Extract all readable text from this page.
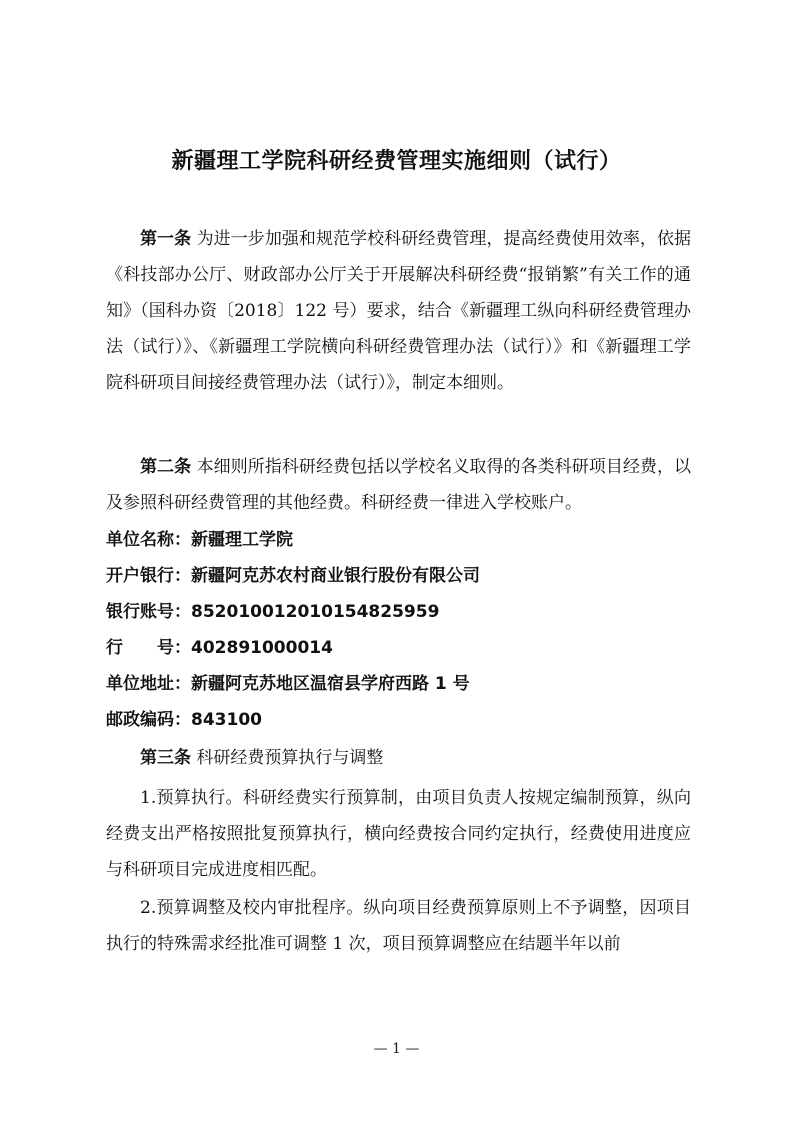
新疆理工学院科研经费管理实施细则（试行）
第一条 为进一步加强和规范学校科研经费管理，提高经费使用效率，依据《科技部办公厅、财政部办公厅关于开展解决科研经费“报销繁”有关工作的通知》（国科办资〔2018〕122 号）要求，结合《新疆理工纵向科研经费管理办法（试行）》、《新疆理工学院横向科研经费管理办法（试行）》和《新疆理工学院科研项目间接经费管理办法（试行）》，制定本细则。
第二条 本细则所指科研经费包括以学校名义取得的各类科研项目经费，以及参照科研经费管理的其他经费。科研经费一律进入学校账户。
单位名称：新疆理工学院
开户银行：新疆阿克苏农村商业银行股份有限公司
银行账号：852010012010154825959
行　　号：402891000014
单位地址：新疆阿克苏地区温宿县学府西路 1 号
邮政编码：843100
第三条 科研经费预算执行与调整
1.预算执行。科研经费实行预算制，由项目负责人按规定编制预算，纵向经费支出严格按照批复预算执行，横向经费按合同约定执行，经费使用进度应与科研项目完成进度相匹配。
2.预算调整及校内审批程序。纵向项目经费预算原则上不予调整，因项目执行的特殊需求经批准可调整 1 次，项目预算调整应在结题半年以前
— 1 —
